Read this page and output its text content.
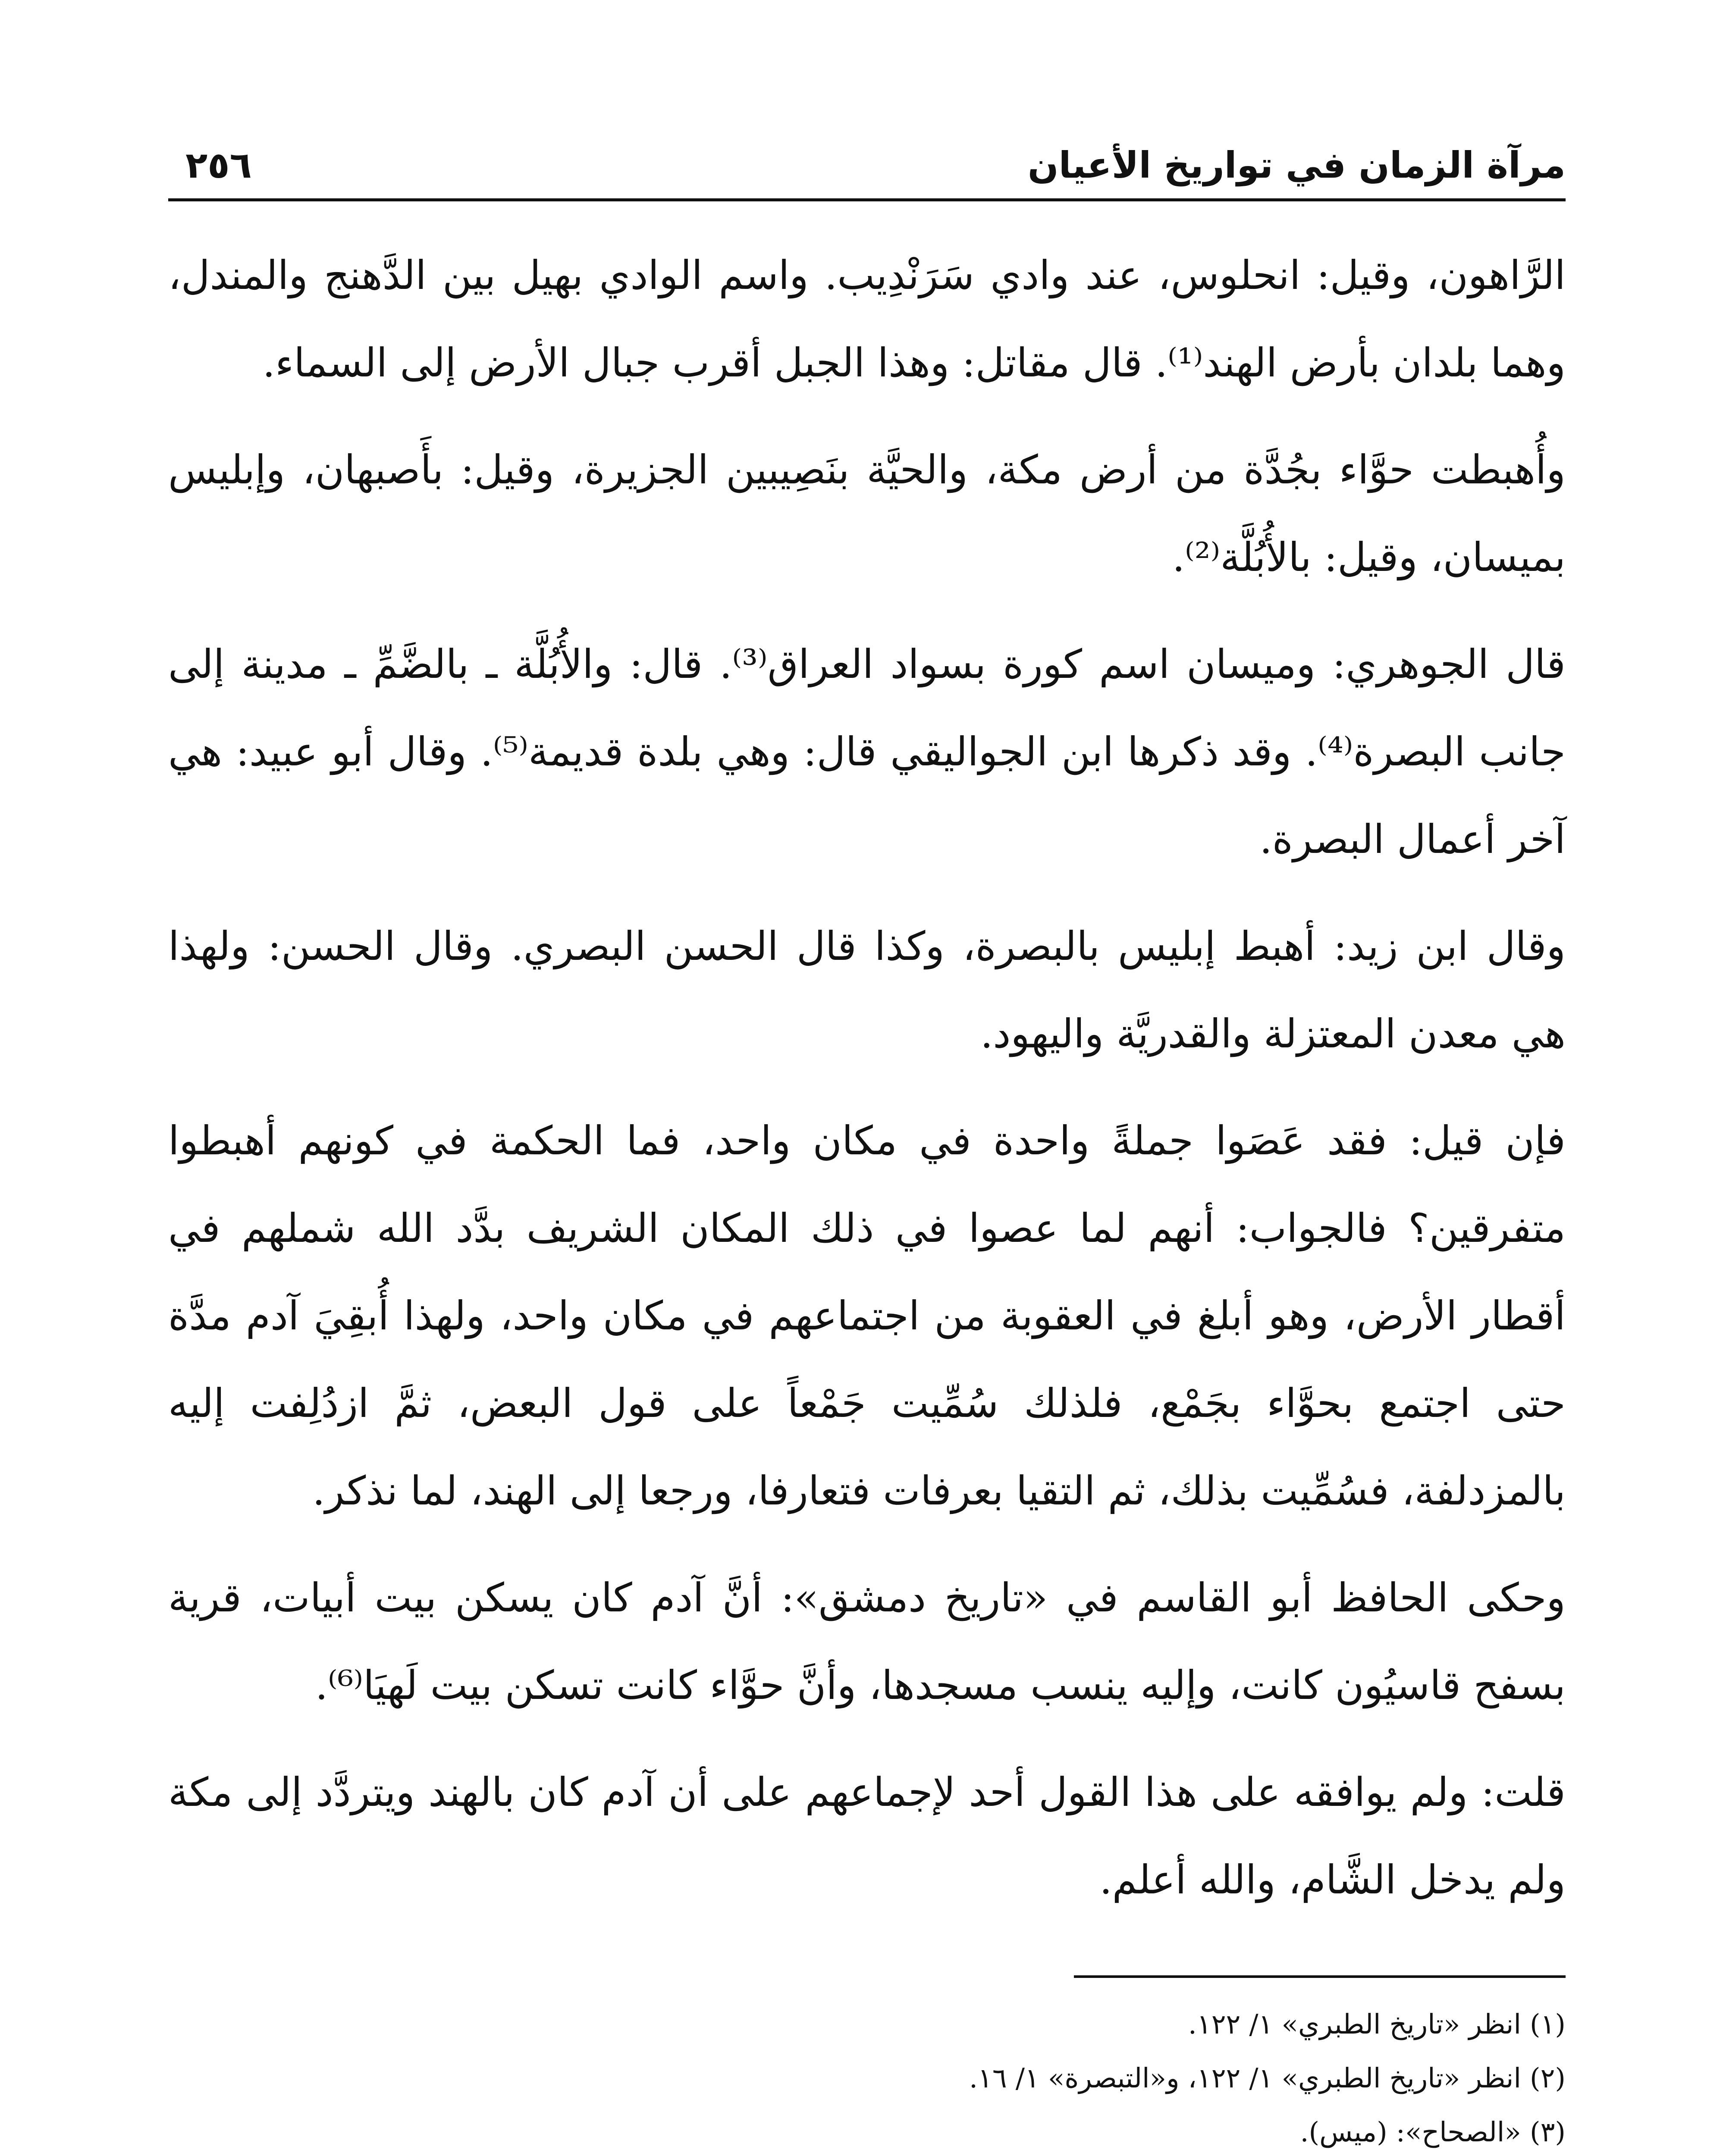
مرآة الزمان في تواريخ الأعيان
٢٥٦

الرَّاهون، وقيل: انحلوس، عند وادي سَرَنْدِيب. واسم الوادي بهيل بين الدَّهنج والمندل، وهما بلدان بأرض الهند⁽¹⁾. قال مقاتل: وهذا الجبل أقرب جبال الأرض إلى السماء.

وأُهبطت حوَّاء بجُدَّة من أرض مكة، والحيَّة بنَصِيبين الجزيرة، وقيل: بأَصبهان، وإبليس بميسان، وقيل: بالأُبُلَّة⁽²⁾.

قال الجوهري: وميسان اسم كورة بسواد العراق⁽³⁾. قال: والأُبُلَّة ـ بالضَّمِّ ـ مدينة إلى جانب البصرة⁽⁴⁾. وقد ذكرها ابن الجواليقي قال: وهي بلدة قديمة⁽⁵⁾. وقال أبو عبيد: هي آخر أعمال البصرة.

وقال ابن زيد: أهبط إبليس بالبصرة، وكذا قال الحسن البصري. وقال الحسن: ولهذا هي معدن المعتزلة والقدريَّة واليهود.

فإن قيل: فقد عَصَوا جملةً واحدة في مكان واحد، فما الحكمة في كونهم أهبطوا متفرقين؟ فالجواب: أنهم لما عصوا في ذلك المكان الشريف بدَّد الله شملهم في أقطار الأرض، وهو أبلغ في العقوبة من اجتماعهم في مكان واحد، ولهذا أُبقِيَ آدم مدَّة حتى اجتمع بحوَّاء بجَمْع، فلذلك سُمِّيت جَمْعاً على قول البعض، ثمَّ ازدُلِفت إليه بالمزدلفة، فسُمِّيت بذلك، ثم التقيا بعرفات فتعارفا، ورجعا إلى الهند، لما نذكر.

وحكى الحافظ أبو القاسم في «تاريخ دمشق»: أنَّ آدم كان يسكن بيت أبيات، قرية بسفح قاسيُون كانت، وإليه ينسب مسجدها، وأنَّ حوَّاء كانت تسكن بيت لَهيَا⁽⁶⁾.

قلت: ولم يوافقه على هذا القول أحد لإجماعهم على أن آدم كان بالهند ويتردَّد إلى مكة ولم يدخل الشَّام، والله أعلم.

(١) انظر «تاريخ الطبري» ١/ ١٢٢.

(٢) انظر «تاريخ الطبري» ١/ ١٢٢، و«التبصرة» ١/ ١٦.

(٣) «الصحاح»: (ميس).
